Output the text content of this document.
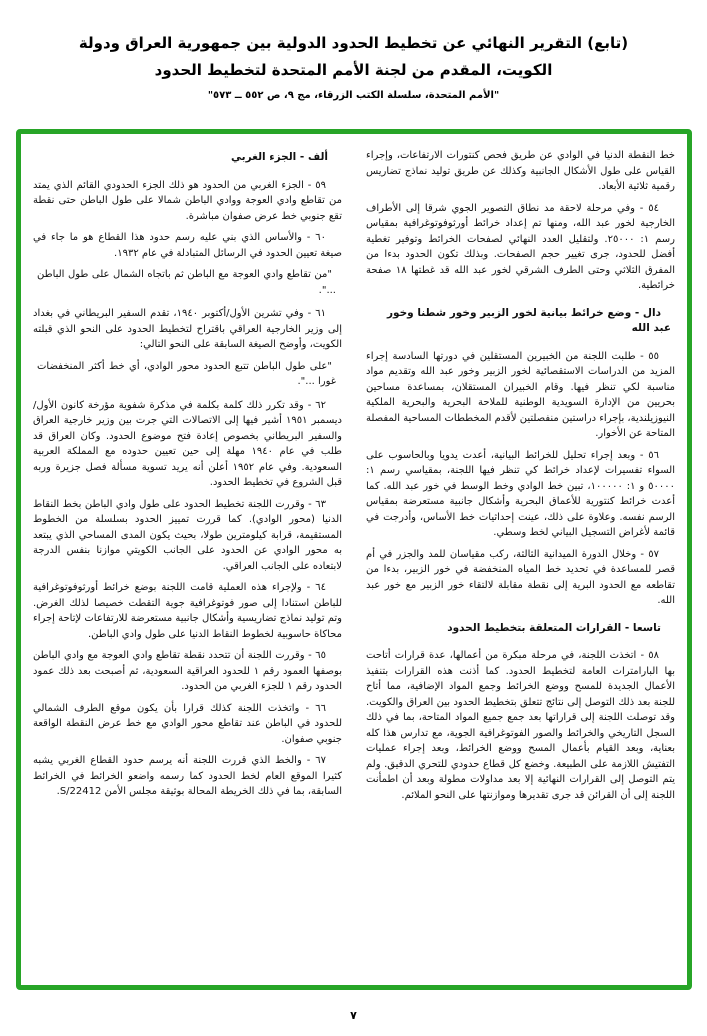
(تابع) التقرير النهائي عن تخطيط الحدود الدولية بين جمهورية العراق ودولة
الكويت، المقدم من لجنة الأمم المتحدة لتخطيط الحدود
"الأمم المتحدة، سلسلة الكتب الزرقاء، مج ٩، ص ٥٥٢ ــ ٥٧٣"

خط النقطة الدنيا في الوادي عن طريق فحص كنتورات الارتفاعات، وإجراء القياس على طول الأشكال الجانبية وكذلك عن طريق توليد نماذج تضاريس رقمية ثلاثية الأبعاد.

٥٤ - وفي مرحلة لاحقة مد نطاق التصوير الجوي شرقا إلى الأطراف الخارجية لخور عبد الله، ومنها تم إعداد خرائط أورثوفوتوغرافية بمقياس رسم ١: ٢٥٠٠٠. ولتقليل العدد النهائي لصفحات الخرائط وتوفير تغطية أفضل للحدود، جرى تغيير حجم الصفحات. وبذلك تكون الحدود بدءا من المفرق الثلاثي وحتى الطرف الشرقي لخور عبد الله قد غطتها ١٨ صفحة خرائطية.

دال - وضع خرائط بيانية لخور الزبير وخور شطنا وخور عبد الله

٥٥ - طلبت اللجنة من الخبيرين المستقلين في دورتها السادسة إجراء المزيد من الدراسات الاستقصائية لخور الزبير وخور عبد الله وتقديم مواد مناسبة لكي تنظر فيها. وقام الخبيران المستقلان، بمساعدة مساحين بحريين من الإدارة السويدية الوطنية للملاحة البحرية والبحرية الملكية النيوزيلندية، بإجراء دراستين منفصلتين لأقدم المخططات المساحية المفصلة المتاحة عن الأخوار.

٥٦ - وبعد إجراء تحليل للخرائط البيانية، أعدت يدويا وبالحاسوب على السواء تفسيرات لإعداد خرائط كي تنظر فيها اللجنة، بمقياسي رسم ١: ٥٠٠٠٠ و ١: ١٠٠٠٠٠، تبين خط الوادي وخط الوسط في خور عبد الله. كما أعدت خرائط كنتورية للأعماق البحرية وأشكال جانبية مستعرضة بمقياس الرسم نفسه. وعلاوة على ذلك، عينت إحداثيات خط الأساس، وأدرجت في قائمة لأغراض التسجيل البياني لخط وسطي.

٥٧ - وخلال الدورة الميدانية الثالثة، ركب مقياسان للمد والجزر في أم قصر للمساعدة في تحديد خط المياه المنخفضة في خور الزبير، بدءا من تقاطعه مع الحدود البرية إلى نقطة مقابلة لالتقاء خور الزبير مع خور عبد الله.

تاسعا - القرارات المتعلقة بتخطيط الحدود

٥٨ - اتخذت اللجنة، في مرحلة مبكرة من أعمالها، عدة قرارات أتاحت بها البارامترات العامة لتخطيط الحدود. كما أذنت هذه القرارات بتنفيذ الأعمال الجديدة للمسح ووضع الخرائط وجمع المواد الإضافية، مما أتاح للجنة بعد ذلك التوصل إلى نتائج تتعلق بتخطيط الحدود بين العراق والكويت. وقد توصلت اللجنة إلى قراراتها بعد جمع جميع المواد المتاحة، بما في ذلك السجل التاريخي والخرائط والصور الفوتوغرافية الجوية، مع تدارس هذا كله بعناية، وبعد القيام بأعمال المسح ووضع الخرائط، وبعد إجراء عمليات التفتيش اللازمة على الطبيعة. وخضع كل قطاع حدودي للتحري الدقيق. ولم يتم التوصل إلى القرارات النهائية إلا بعد مداولات مطولة وبعد أن اطمأنت اللجنة إلى أن القرائن قد جرى تقديرها وموازنتها على النحو الملائم.

ألف - الجزء الغربي

٥٩ - الجزء الغربي من الحدود هو ذلك الجزء الحدودي القائم الذي يمتد من تقاطع وادي العوجة ووادي الباطن شمالا على طول الباطن حتى نقطة تقع جنوبي خط عرض صفوان مباشرة.

٦٠ - والأساس الذي بني عليه رسم حدود هذا القطاع هو ما جاء في صيغة تعيين الحدود في الرسائل المتبادلة في عام ١٩٣٢.

"من تقاطع وادي العوجة مع الباطن ثم باتجاه الشمال على طول الباطن ...".

٦١ - وفي تشرين الأول/أكتوبر ١٩٤٠، تقدم السفير البريطاني في بغداد إلى وزير الخارجية العراقي باقتراح لتخطيط الحدود على النحو الذي قبلته الكويت، وأوضح الصيغة السابقة على النحو التالي:

"على طول الباطن تتبع الحدود محور الوادي، أي خط أكثر المنخفضات غورا ...".

٦٢ - وقد تكرر ذلك كلمة بكلمة في مذكرة شفوية مؤرخة كانون الأول/ ديسمبر ١٩٥١ أشير فيها إلى الاتصالات التي جرت بين وزير خارجية العراق والسفير البريطاني بخصوص إعادة فتح موضوع الحدود. وكان العراق قد طلب في عام ١٩٤٠ مهلة إلى حين تعيين حدوده مع المملكة العربية السعودية. وفي عام ١٩٥٢ أعلن أنه يريد تسوية مسألة فصل جزيرة وربه قبل الشروع في تخطيط الحدود.

٦٣ - وقررت اللجنة تخطيط الحدود على طول وادي الباطن بخط النقاط الدنيا (محور الوادي). كما قررت تمييز الحدود بسلسلة من الخطوط المستقيمة، قرابة كيلومترين طولا، بحيث يكون المدى المساحي الذي يبتعد به محور الوادي عن الحدود على الجانب الكويتي موازنا بنفس الدرجة لابتعاده على الجانب العراقي.

٦٤ - ولإجراء هذه العملية قامت اللجنة بوضع خرائط أورثوفوتوغرافية للباطن استنادا إلى صور فوتوغرافية جوية التقطت خصيصا لذلك الغرض. وتم توليد نماذج تضاريسية وأشكال جانبية مستعرضة للارتفاعات لإتاحة إجراء محاكاة حاسوبية لخطوط النقاط الدنيا على طول وادي الباطن.

٦٥ - وقررت اللجنة أن تتحدد نقطة تقاطع وادي العوجة مع وادي الباطن بوصفها العمود رقم ١ للحدود العراقية السعودية، ثم أصبحت بعد ذلك عمود الحدود رقم ١ للجزء الغربي من الحدود.

٦٦ - واتخذت اللجنة كذلك قرارا بأن يكون موقع الطرف الشمالي للحدود في الباطن عند تقاطع محور الوادي مع خط عرض النقطة الواقعة جنوبي صفوان.

٦٧ - والخط الذي قررت اللجنة أنه يرسم حدود القطاع الغربي يشبه كثيرا الموقع العام لخط الحدود كما رسمه واضعو الخرائط في الخرائط السابقة، بما في ذلك الخريطة المحالة بوثيقة مجلس الأمن S/22412.

٧
